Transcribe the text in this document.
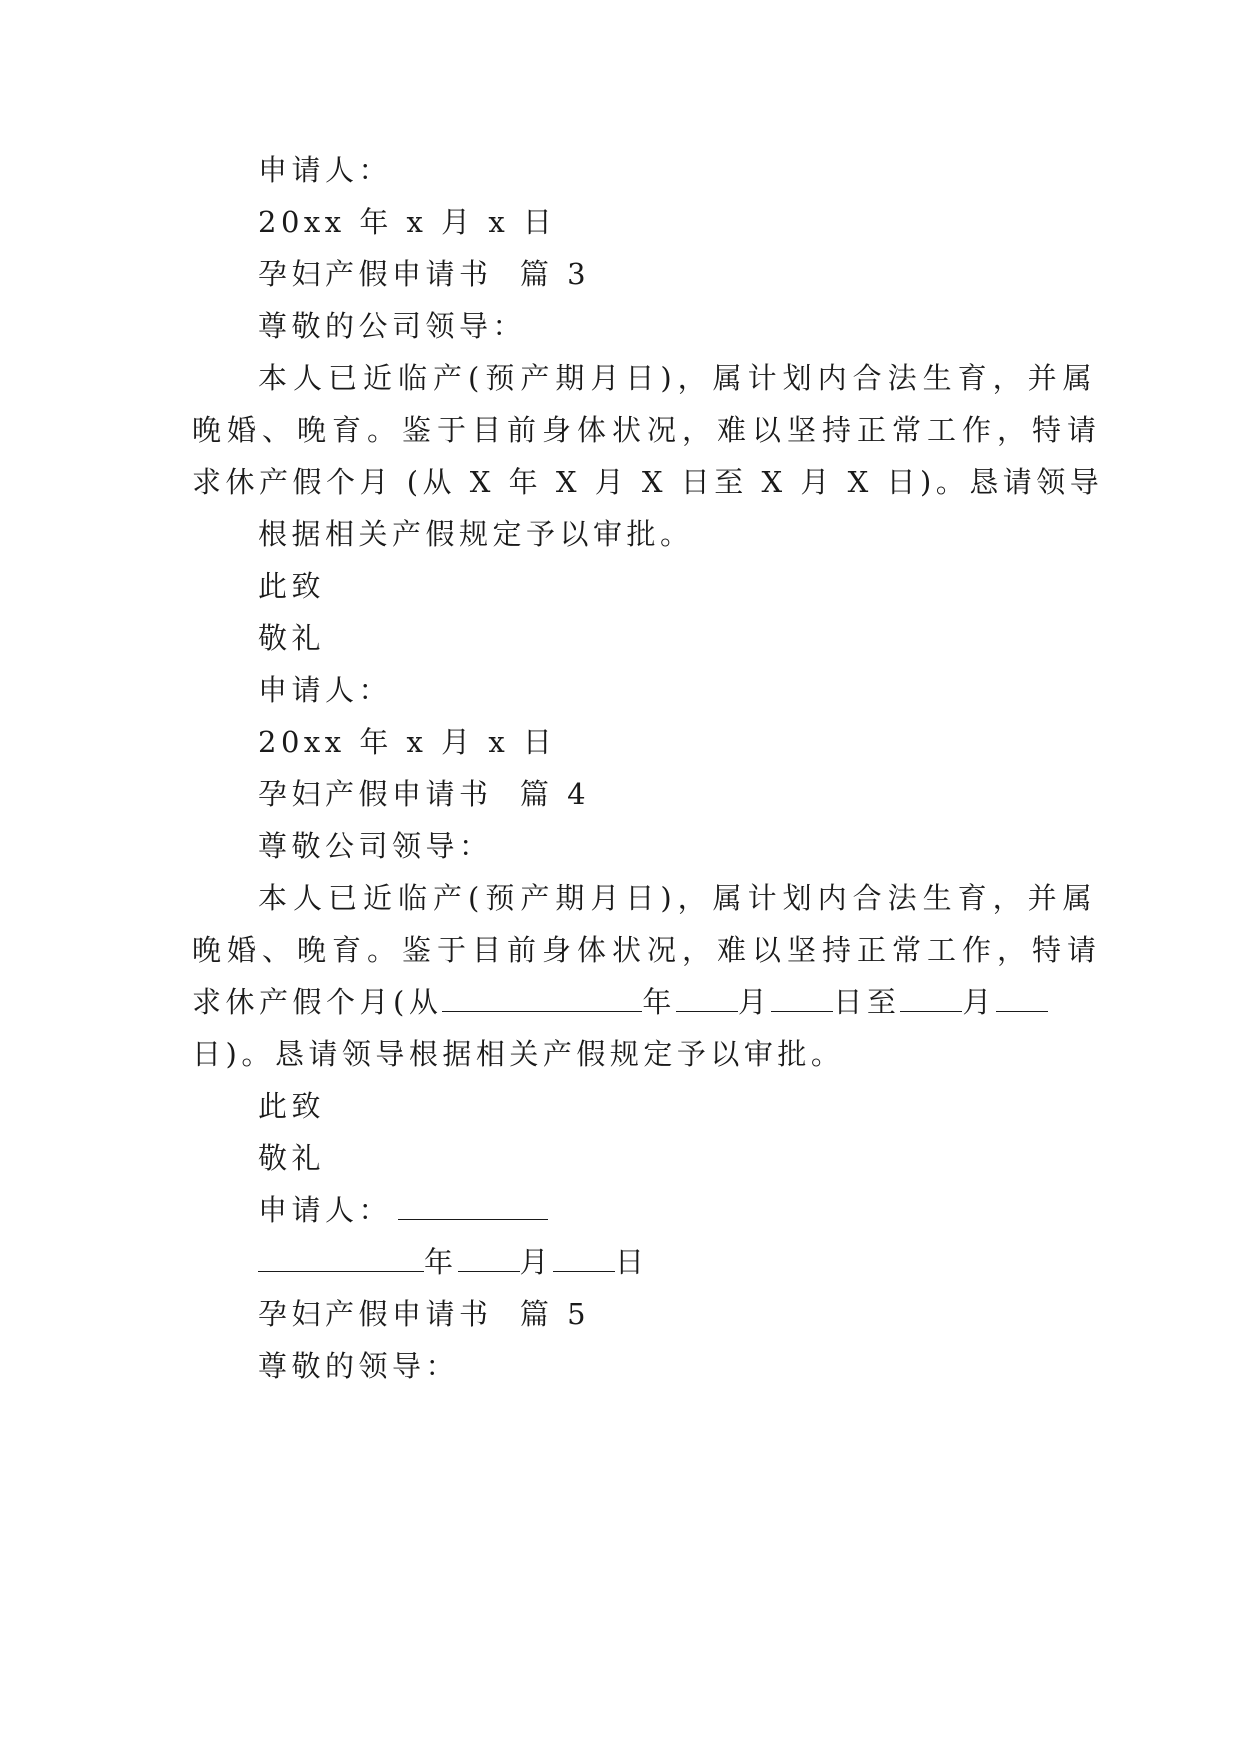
申请人：
20xx 年 x 月 x 日
孕妇产假申请书  篇 3
尊敬的公司领导：
本人已近临产(预产期月日)，属计划内合法生育，并属
晚婚、晚育。鉴于目前身体状况，难以坚持正常工作，特请
求休产假个月 (从 X 年 X 月 X 日至 X 月 X 日)。恳请领导
根据相关产假规定予以审批。
此致
敬礼
申请人：
20xx 年 x 月 x 日
孕妇产假申请书  篇 4
尊敬公司领导：
本人已近临产(预产期月日)，属计划内合法生育，并属
晚婚、晚育。鉴于目前身体状况，难以坚持正常工作，特请
求休产假个月(从	年 月 日至 月
日)。恳请领导根据相关产假规定予以审批。
此致
敬礼
申请人：
年 月 日
孕妇产假申请书  篇 5
尊敬的领导：
